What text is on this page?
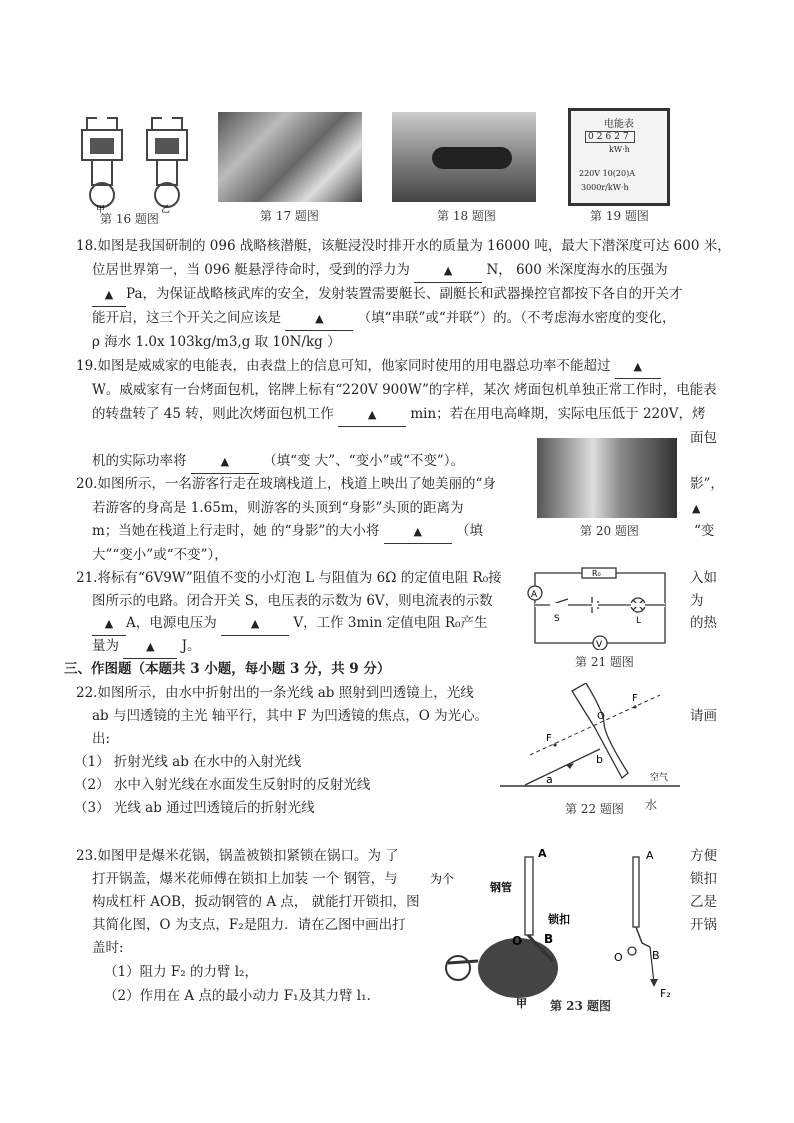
甲	乙
第 16 题图	第 17 题图	第 18 题图
电能表
02627
kW·h
220V 10(20)A
3000r/kW·h
第 19 题图
18.如图是我国研制的 096 战略核潜艇，该艇浸没时排开水的质量为 16000 吨，最大下潜深度可达 600 米，
位居世界第一，当 096 艇悬浮待命时，受到的浮力为	▲	N， 600 米深度海水的压强为
▲ Pa，为保证战略核武库的安全，发射装置需要艇长、副艇长和武器操控官都按下各自的开关才
能开启，这三个开关之间应该是	▲	（填“串联”或“并联”）的。（不考虑海水密度的变化，
ρ 海水 1.0x 103kg/m3,g 取 10N/kg ）
19.如图是威威家的电能表，由表盘上的信息可知，他家同时使用的用电器总功率不能超过 ▲
W。威威家有一台烤面包机，铭牌上标有“220V 900W”的字样，某次 烤面包机单独正常工作时，电能表
的转盘转了 45 转，则此次烤面包机工作	▲	min；若在用电高峰期，实际电压低于 220V，烤
面包
机的实际功率将	▲	（填“变 大”、“变小”或“不变”）。
第 20 题图
20.如图所示，一名游客行走在玻璃栈道上，栈道上映出了她美丽的“身	影”，
若游客的身高是 1.65m，则游客的头顶到“身影”头顶的距离为	▲
m；当她在栈道上行走时，她 的“身影”的大小将	▲	（填	“变
大”“变小”或“不变”），
A
V
R₀
S	L
第 21 题图
21.将标有“6V9W”阻值不变的小灯泡 L 与阻值为 6Ω 的定值电阻 R₀接	入如
图所示的电路。闭合开关 S，电压表的示数为 6V，则电流表的示数	为
▲ A，电源电压为	▲	V，工作 3min 定值电阻 R₀产生	的热
量为 ▲ J。
三、作图题（本题共 3 小题，每小题 3 分，共 9 分）
F
F
O
a
b
空气
第 22 题图 水
22.如图所示，由水中折射出的一条光线 ab 照射到凹透镜上，光线
ab 与凹透镜的主光 轴平行，其中 F 为凹透镜的焦点，O 为光心。	请画
出:
（1） 折射光线 ab 在水中的入射光线
（2） 水中入射光线在水面发生反射时的反射光线
（3） 光线 ab 通过凹透镜后的折射光线
为个
A
钢管
锁扣
O B
甲
A
O	B
F₂
第 23 题图
23.如图甲是爆米花锅，锅盖被锁扣紧锁在锅口。为 了	方便
打开锅盖，爆米花师傅在锁扣上加装 一个 钢管，与	锁扣
构成杠杆 AOB，扳动钢管的 A 点， 就能打开锁扣，图	乙是
其简化图，O 为支点，F₂是阻力．请在乙图中画出打	开锅
盖时:
（1）阻力 F₂ 的力臂 l₂，
（2）作用在 A 点的最小动力 F₁及其力臂 l₁.
